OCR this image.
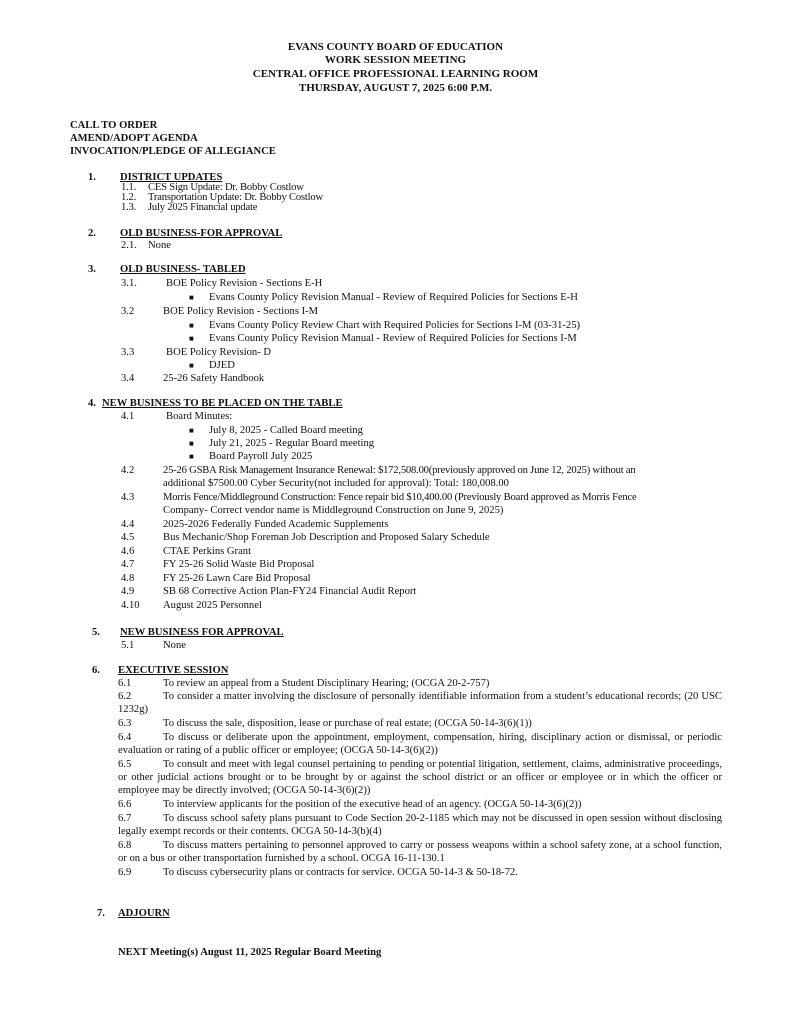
EVANS COUNTY BOARD OF EDUCATION
WORK SESSION MEETING
CENTRAL OFFICE PROFESSIONAL LEARNING ROOM
THURSDAY, AUGUST 7, 2025 6:00 P.M.
CALL TO ORDER
AMEND/ADOPT AGENDA
INVOCATION/PLEDGE OF ALLEGIANCE
1. DISTRICT UPDATES
1.1. CES Sign Update: Dr. Bobby Costlow
1.2. Transportation Update: Dr. Bobby Costlow
1.3. July 2025 Financial update
2. OLD BUSINESS-FOR APPROVAL
2.1. None
3. OLD BUSINESS- TABLED
3.1.	BOE Policy Revision - Sections E-H
■ Evans County Policy Revision Manual - Review of Required Policies for Sections E-H
3.2	BOE Policy Revision - Sections I-M
■ Evans County Policy Review Chart with Required Policies for Sections I-M (03-31-25)
■ Evans County Policy Revision Manual - Review of Required Policies for Sections I-M
3.3	BOE Policy Revision- D
■ DJED
3.4	25-26 Safety Handbook
4. NEW BUSINESS TO BE PLACED ON THE TABLE
4.1	Board Minutes:
■ July 8, 2025 - Called Board meeting
■ July 21, 2025 - Regular Board meeting
■ Board Payroll July 2025
4.2	25-26 GSBA Risk Management Insurance Renewal: $172,508.00(previously approved on June 12, 2025) without an
additional $7500.00 Cyber Security(not included for approval): Total: 180,008.00
4.3	Morris Fence/Middleground Construction: Fence repair bid $10,400.00 (Previously Board approved as Morris Fence
Company- Correct vendor name is Middleground Construction on June 9, 2025)
4.4	2025-2026 Federally Funded Academic Supplements
4.5	Bus Mechanic/Shop Foreman Job Description and Proposed Salary Schedule
4.6	CTAE Perkins Grant
4.7	FY 25-26 Solid Waste Bid Proposal
4.8	FY 25-26 Lawn Care Bid Proposal
4.9	SB 68 Corrective Action Plan-FY24 Financial Audit Report
4.10 August 2025 Personnel
5. NEW BUSINESS FOR APPROVAL
5.1	None
6. EXECUTIVE SESSION
6.1	To review an appeal from a Student Disciplinary Hearing; (OCGA 20-2-757)
6.2	To consider a matter involving the disclosure of personally identifiable information from a student’s educational records; (20 USC 1232g)
6.3	To discuss the sale, disposition, lease or purchase of real estate; (OCGA 50-14-3(6)(1))
6.4	To discuss or deliberate upon the appointment, employment, compensation, hiring, disciplinary action or dismissal, or periodic evaluation or rating of a public officer or employee; (OCGA 50-14-3(6)(2))
6.5	To consult and meet with legal counsel pertaining to pending or potential litigation, settlement, claims, administrative proceedings, or other judicial actions brought or to be brought by or against the school district or an officer or employee or in which the officer or employee may be directly involved; (OCGA 50-14-3(6)(2))
6.6	To interview applicants for the position of the executive head of an agency. (OCGA 50-14-3(6)(2))
6.7	To discuss school safety plans pursuant to Code Section 20-2-1185 which may not be discussed in open session without disclosing legally exempt records or their contents. OCGA 50-14-3(b)(4)
6.8	To discuss matters pertaining to personnel approved to carry or possess weapons within a school safety zone, at a school function, or on a bus or other transportation furnished by a school. OCGA 16-11-130.1
6.9	To discuss cybersecurity plans or contracts for service. OCGA 50-14-3 & 50-18-72.
7. ADJOURN
NEXT Meeting(s) August 11, 2025 Regular Board Meeting
